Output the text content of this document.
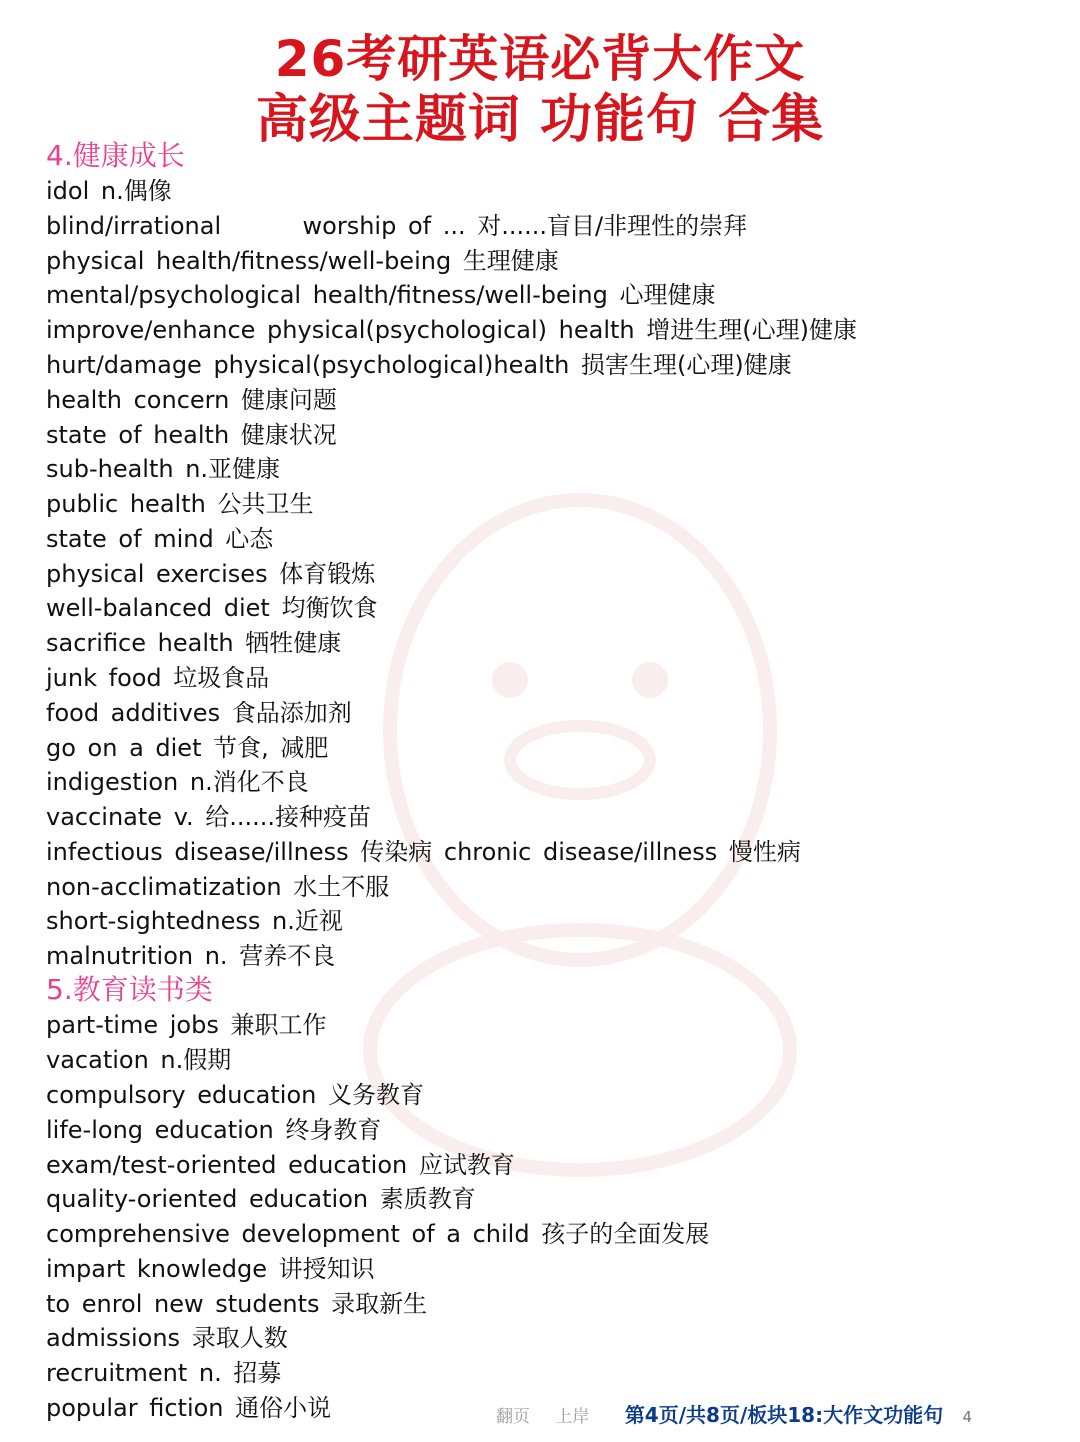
26考研英语必背大作文
高级主题词 功能句 合集
4.健康成长
idol n.偶像
blind/irrational       worship of ... 对......盲目/非理性的崇拜
physical health/fitness/well-being 生理健康
mental/psychological health/fitness/well-being 心理健康
improve/enhance physical(psychological) health 增进生理(心理)健康
hurt/damage physical(psychological)health 损害生理(心理)健康
health concern 健康问题
state of health 健康状况
sub-health n.亚健康
public health 公共卫生
state of mind 心态
physical exercises 体育锻炼
well-balanced diet 均衡饮食
sacrifice health 牺牲健康
junk food 垃圾食品
food additives 食品添加剂
go on a diet 节食, 减肥
indigestion n.消化不良
vaccinate v. 给......接种疫苗
infectious disease/illness 传染病 chronic disease/illness 慢性病
non-acclimatization 水土不服
short-sightedness n.近视
malnutrition n. 营养不良
5.教育读书类
part-time jobs 兼职工作
vacation n.假期
compulsory education 义务教育
life-long education 终身教育
exam/test-oriented education 应试教育
quality-oriented education 素质教育
comprehensive development of a child 孩子的全面发展
impart knowledge 讲授知识
to enrol new students 录取新生
admissions 录取人数
recruitment n. 招募
popular fiction 通俗小说	翻页 上岸 第4页/共8页/板块18:大作文功能句 4
